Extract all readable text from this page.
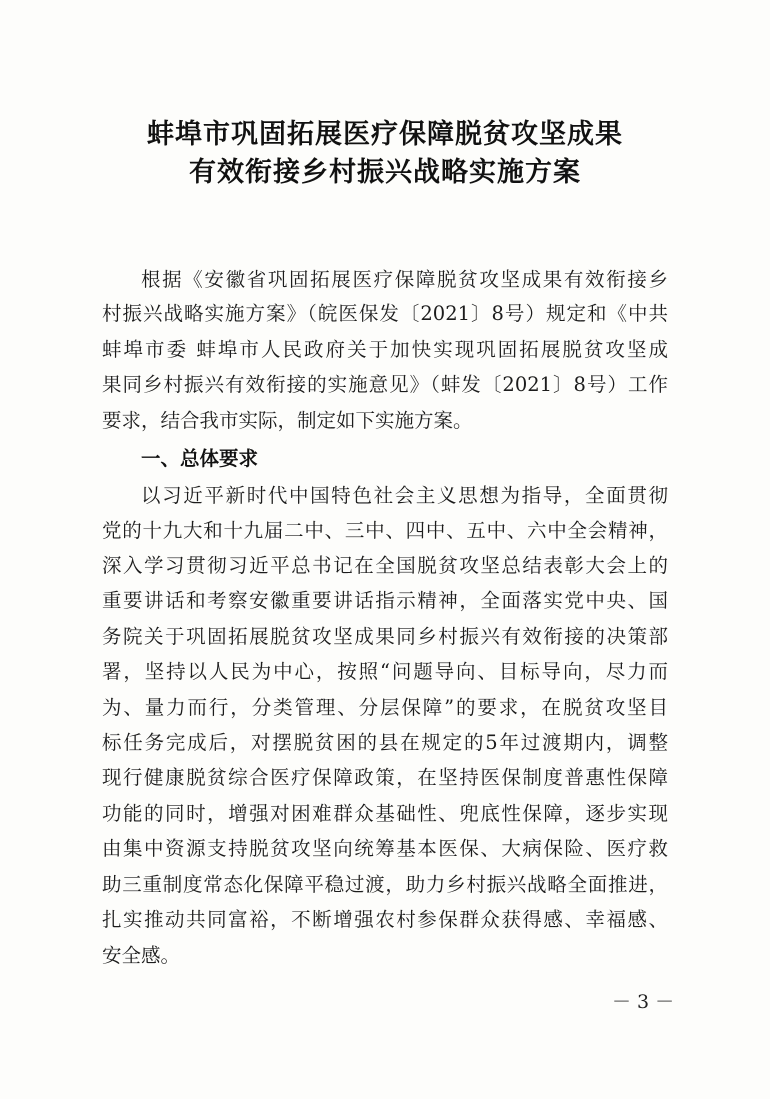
蚌埠市巩固拓展医疗保障脱贫攻坚成果
有效衔接乡村振兴战略实施方案
根据《安徽省巩固拓展医疗保障脱贫攻坚成果有效衔接乡
村振兴战略实施方案》（皖医保发〔2021〕8号）规定和《中共
蚌埠市委 蚌埠市人民政府关于加快实现巩固拓展脱贫攻坚成
果同乡村振兴有效衔接的实施意见》（蚌发〔2021〕8号）工作
要求，结合我市实际，制定如下实施方案。
一、总体要求
以习近平新时代中国特色社会主义思想为指导，全面贯彻
党的十九大和十九届二中、三中、四中、五中、六中全会精神，
深入学习贯彻习近平总书记在全国脱贫攻坚总结表彰大会上的
重要讲话和考察安徽重要讲话指示精神，全面落实党中央、国
务院关于巩固拓展脱贫攻坚成果同乡村振兴有效衔接的决策部
署，坚持以人民为中心，按照“问题导向、目标导向，尽力而
为、量力而行，分类管理、分层保障”的要求，在脱贫攻坚目
标任务完成后，对摆脱贫困的县在规定的5年过渡期内，调整
现行健康脱贫综合医疗保障政策，在坚持医保制度普惠性保障
功能的同时，增强对困难群众基础性、兜底性保障，逐步实现
由集中资源支持脱贫攻坚向统筹基本医保、大病保险、医疗救
助三重制度常态化保障平稳过渡，助力乡村振兴战略全面推进，
扎实推动共同富裕，不断增强农村参保群众获得感、幸福感、
安全感。
－ 3 －
